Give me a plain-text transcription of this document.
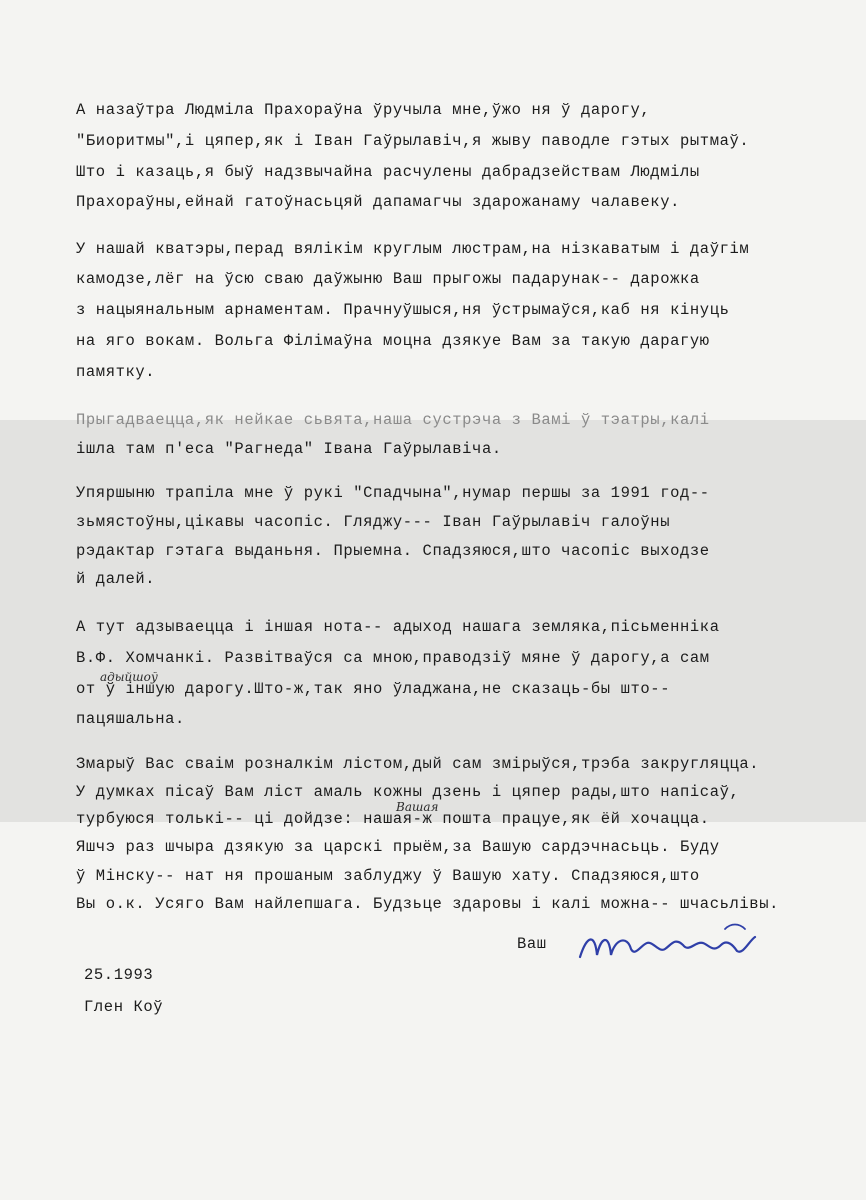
А назаўтра Людміла Прахораўна ўручыла мне,ўжо ня ў дарогу,
"Биоритмы",і цяпер,як і Іван Гаўрылавіч,я жыву паводле гэтых рытмаў.
Што і казаць,я быў надзвычайна расчулены дабрадзействам Людмілы
Прахораўны,ейнай гатоўнасьцяй дапамагчы здарожанаму чалавеку.
У нашай кватэры,перад вялікім круглым люстрам,на нізкаватым і даўгім
камодзе,лёг на ўсю сваю даўжыню Ваш прыгожы падарунак-- дарожка
з нацыянальным арнаментам. Прачнуўшыся,ня ўстрымаўся,каб ня кінуць
на яго вокам. Вольга Філімаўна моцна дзякуе Вам за такую дарагую
памятку.
Прыгадваецца,як нейкае сьвята,наша сустрэча з Вамі ў тэатры,калі
ішла там п'еса "Рагнеда" Івана Гаўрылавіча.
Упяршыню трапіла мне ў рукі "Спадчына",нумар першы за 1991 год--
зьмястоўны,цікавы часопіс. Гляджу--- Іван Гаўрылавіч галоўны
рэдактар гэтага выданьня. Прыемна. Спадзяюся,што часопіс выходзе
й далей.
А тут адзываецца і іншая нота-- адыход нашага земляка,пісьменніка
В.Ф. Хомчанкі. Развітваўся са мною,праводзіў мяне ў дарогу,а сам
адыйшоў
от ў іншую дарогу.Што-ж,так яно ўладжана,не сказаць-бы што--
пацяшальна.
Змарыў Вас сваім розналкім лістом,дый сам змірыўся,трэба закругляцца.
У думках пісаў Вам ліст амаль кожны дзень і цяпер рады,што напісаў,
Вашая
турбуюся толькі-- ці дойдзе: нашая-ж пошта працуе,як ёй хочацца.
Яшчэ раз шчыра дзякую за царскі прыём,за Вашую сардэчнасьць. Буду
ў Мінску-- нат ня прошаным заблуджу ў Вашую хату. Спадзяюся,што
Вы о.к. Усяго Вам найлепшага. Будзьце здаровы і калі можна-- шчасьлівы.
Ваш
25.1993
Глен Коў
